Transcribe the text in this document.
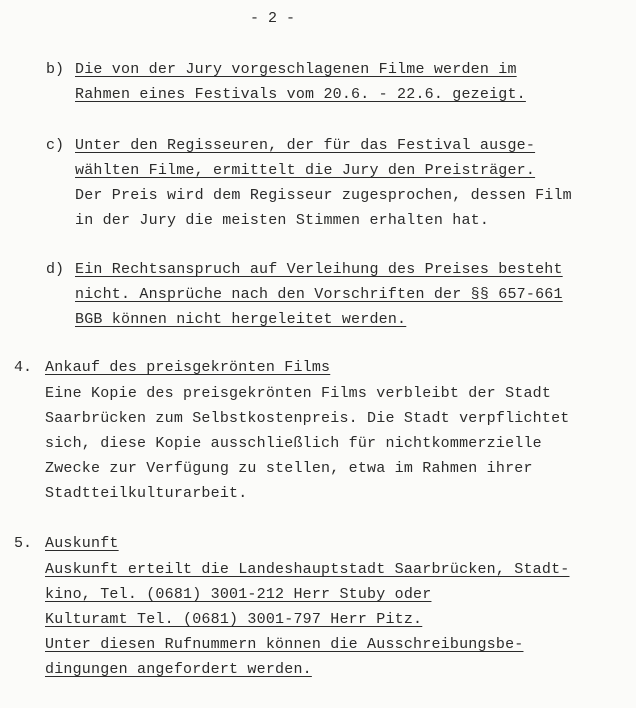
- 2 -
b) Die von der Jury vorgeschlagenen Filme werden im
Rahmen eines Festivals vom 20.6. - 22.6. gezeigt.
c) Unter den Regisseuren, der für das Festival ausge-
wählten Filme, ermittelt die Jury den Preisträger.
Der Preis wird dem Regisseur zugesprochen, dessen Film
in der Jury die meisten Stimmen erhalten hat.
d) Ein Rechtsanspruch auf Verleihung des Preises besteht
nicht. Ansprüche nach den Vorschriften der §§ 657-661
BGB können nicht hergeleitet werden.
4. Ankauf des preisgekrönten Films
Eine Kopie des preisgekrönten Films verbleibt der Stadt
Saarbrücken zum Selbstkostenpreis. Die Stadt verpflichtet
sich, diese Kopie ausschließlich für nichtkommerzielle
Zwecke zur Verfügung zu stellen, etwa im Rahmen ihrer
Stadtteilkulturarbeit.
5. Auskunft
Auskunft erteilt die Landeshauptstadt Saarbrücken, Stadt-
kino, Tel. (0681) 3001-212 Herr Stuby oder
Kulturamt Tel. (0681) 3001-797 Herr Pitz.
Unter diesen Rufnummern können die Ausschreibungsbe-
dingungen angefordert werden.
